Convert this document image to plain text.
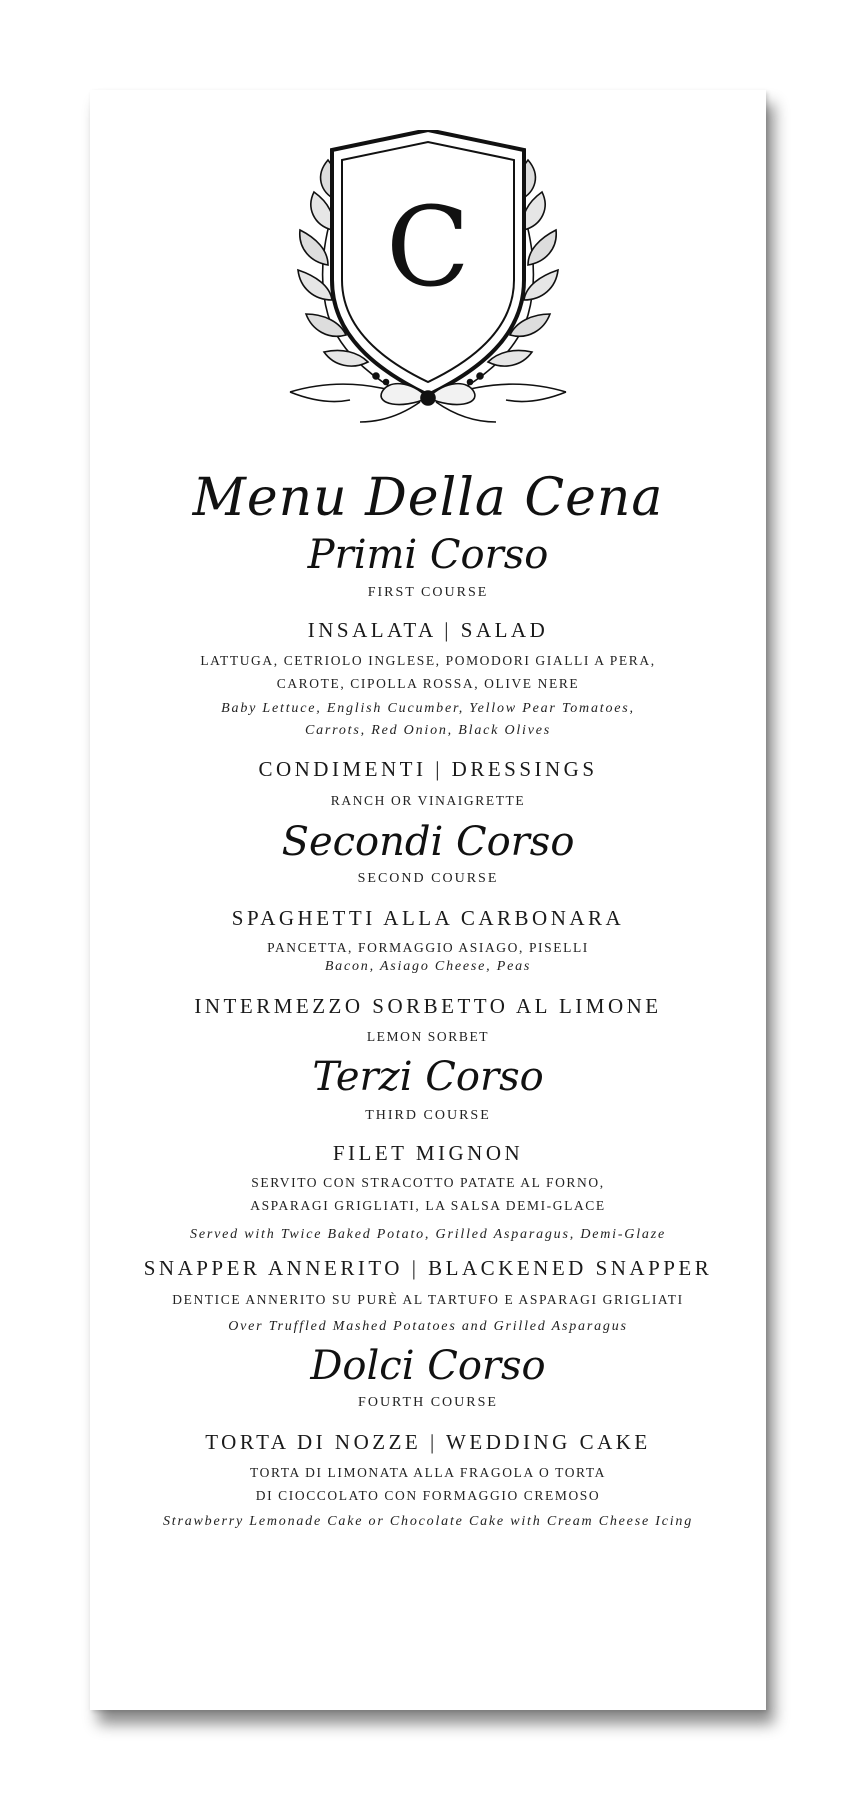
C
Menu Della Cena
Primi Corso
FIRST COURSE
INSALATA | SALAD
LATTUGA, CETRIOLO INGLESE, POMODORI GIALLI A PERA,
CAROTE, CIPOLLA ROSSA, OLIVE NERE
Baby Lettuce, English Cucumber, Yellow Pear Tomatoes,
Carrots, Red Onion, Black Olives
CONDIMENTI | DRESSINGS
RANCH OR VINAIGRETTE
Secondi Corso
SECOND COURSE
SPAGHETTI ALLA CARBONARA
PANCETTA, FORMAGGIO ASIAGO, PISELLI
Bacon, Asiago Cheese, Peas
INTERMEZZO SORBETTO AL LIMONE
LEMON SORBET
Terzi Corso
THIRD COURSE
FILET MIGNON
SERVITO CON STRACOTTO PATATE AL FORNO,
ASPARAGI GRIGLIATI, LA SALSA DEMI-GLACE
Served with Twice Baked Potato, Grilled Asparagus, Demi-Glaze
SNAPPER ANNERITO | BLACKENED SNAPPER
DENTICE ANNERITO SU PURÈ AL TARTUFO E ASPARAGI GRIGLIATI
Over Truffled Mashed Potatoes and Grilled Asparagus
Dolci Corso
FOURTH COURSE
TORTA DI NOZZE | WEDDING CAKE
TORTA DI LIMONATA ALLA FRAGOLA O TORTA
DI CIOCCOLATO CON FORMAGGIO CREMOSO
Strawberry Lemonade Cake or Chocolate Cake with Cream Cheese Icing
